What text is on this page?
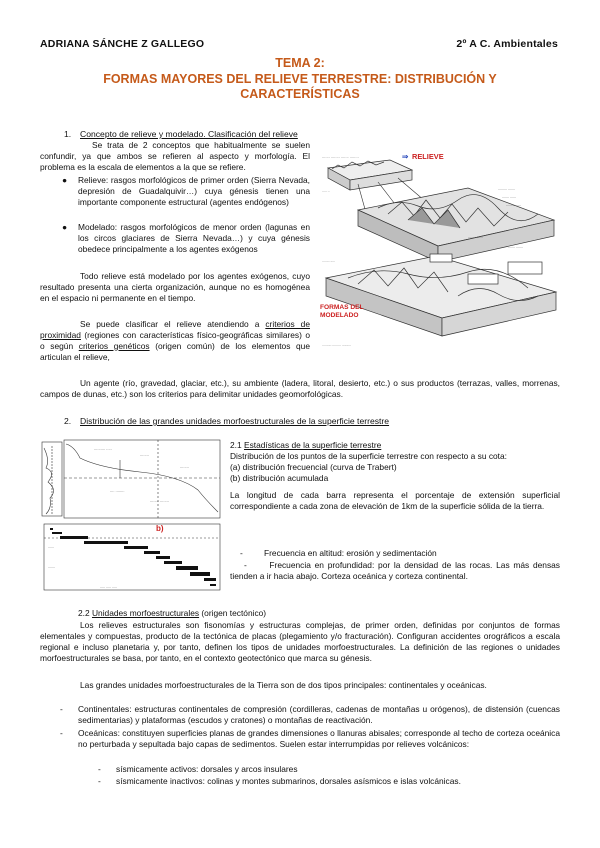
ADRIANA SÁNCHE Z GALLEGO	2º A C. Ambientales
TEMA 2:
FORMAS MAYORES DEL RELIEVE TERRESTRE: DISTRIBUCIÓN Y
CARACTERÍSTICAS
1. Concepto de relieve y modelado. Clasificación del relieve
Se trata de 2 conceptos que habitualmente se suelen confundir, ya que ambos se refieren al aspecto y morfología. El problema es la escala de elementos a la que se refiere.
● Relieve: rasgos morfológicos de primer orden (Sierra Nevada, depresión de Guadalquivir…) cuya génesis tienen una importante componente estructural (agentes endógenos)
● Modelado: rasgos morfológicos de menor orden (lagunas en los circos glaciares de Sierra Nevada…) y cuya génesis obedece principalmente a los agentes exógenos
Todo relieve está modelado por los agentes exógenos, cuyo resultado presenta una cierta organización, aunque no es homogénea en el espacio ni permanente en el tiempo.
Se puede clasificar el relieve atendiendo a criterios de proximidad (regiones con características físico-geográficas similares) o o según criterios genéticos (origen común) de los elementos que articulan el relieve,
Un agente (río, gravedad, glaciar, etc.), su ambiente (ladera, litoral, desierto, etc.) o sus productos (terrazas, valles, morrenas, campos de dunas, etc.) son los criterios para delimitar unidades geomorfológicas.
....... ........ ....... ........
......... .......
....... ......
......... .....
........ ......
....... .......
..... ..
........ .....
.......... ......... ..........
⇒ RELIEVE
FORMAS DEL
MODELADO
2. Distribución de las grandes unidades morfoestructurales de la superficie terrestre
.......... .....
........
........
.... ........
........ ........
......
.......
..... ..... .....
b)
2.1 Estadísticas de la superficie terrestre
Distribución de los puntos de la superficie terrestre con respecto a su cota:
(a) distribución frecuencial (curva de Trabert)
(b) distribución acumulada
La longitud de cada barra representa el porcentaje de extensión superficial correspondiente a cada zona de elevación de 1km de la superficie sólida de la tierra.
-	Frecuencia en altitud: erosión y sedimentación
-      Frecuencia en profundidad: por la densidad de las rocas. Las más densas tienden a ir hacia abajo. Corteza oceánica y corteza continental.
2.2 Unidades morfoestructurales (origen tectónico)
Los relieves estructurales son fisonomías y estructuras complejas, de primer orden, definidas por conjuntos de formas elementales y compuestas, producto de la tectónica de placas (plegamiento y/o fracturación). Configuran accidentes orográficos a escala regional e incluso planetaria y, por tanto, definen los tipos de unidades morfoestructurales. La definición de las regiones o unidades morfoestructurales se basa, por tanto, en el contexto geotectónico que marca su génesis.
Las grandes unidades morfoestructurales de la Tierra son de dos tipos principales: continentales y oceánicas.
- Continentales: estructuras continentales de compresión (cordilleras, cadenas de montañas u orógenos), de distensión (cuencas sedimentarias) y plataformas (escudos y cratones) o montañas de reactivación.
- Oceánicas: constituyen superficies planas de grandes dimensiones o llanuras abisales; corresponde al techo de corteza oceánica no perturbada y sepultada bajo capas de sedimentos. Suelen estar interrumpidas por relieves volcánicos:
- sísmicamente activos: dorsales y arcos insulares
- sísmicamente inactivos: colinas y montes submarinos, dorsales asísmicos e islas volcánicas.
